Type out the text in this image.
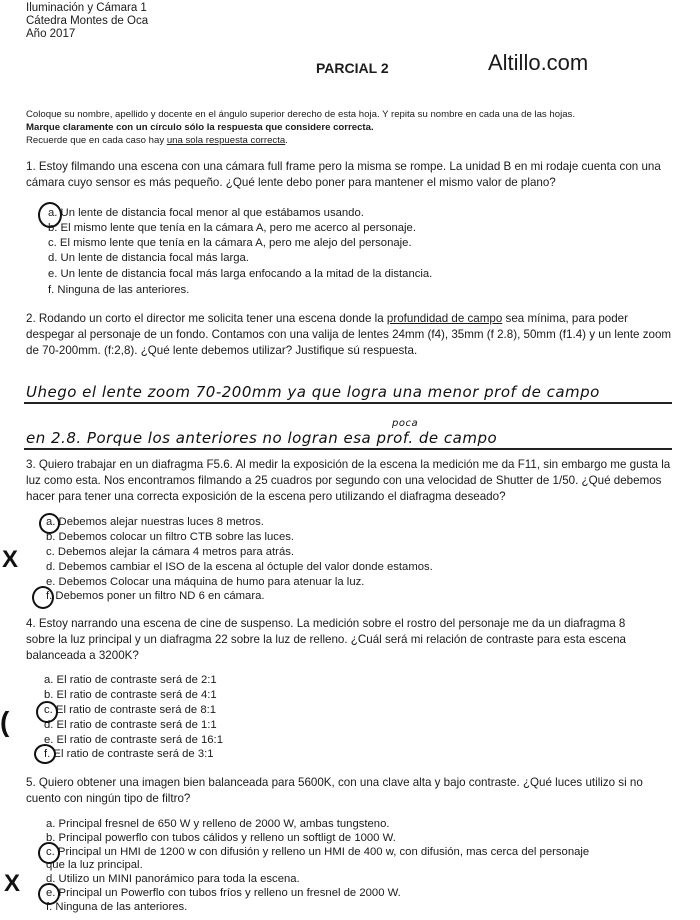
Iluminación y Cámara 1
Cátedra Montes de Oca
Año 2017
PARCIAL 2	Altillo.com
Coloque su nombre, apellido y docente en el ángulo superior derecho de esta hoja. Y repita su nombre en cada una de las hojas.
Marque claramente con un círculo sólo la respuesta que considere correcta.
Recuerde que en cada caso hay una sola respuesta correcta.
1. Estoy filmando una escena con una cámara full frame pero la misma se rompe. La unidad B en mi rodaje cuenta con una cámara cuyo sensor es más pequeño. ¿Qué lente debo poner para mantener el mismo valor de plano?
a. Un lente de distancia focal menor al que estábamos usando.
b. El mismo lente que tenía en la cámara A, pero me acerco al personaje.
c. El mismo lente que tenía en la cámara A, pero me alejo del personaje.
d. Un lente de distancia focal más larga.
e. Un lente de distancia focal más larga enfocando a la mitad de la distancia.
f. Ninguna de las anteriores.
2. Rodando un corto el director me solicita tener una escena donde la profundidad de campo sea mínima, para poder despegar al personaje de un fondo. Contamos con una valija de lentes 24mm (f4), 35mm (f 2.8), 50mm (f1.4) y un lente zoom de 70-200mm. (f:2,8). ¿Qué lente debemos utilizar? Justifique sú respuesta.
Uhego el lente zoom 70-200mm ya que logra una menor prof de campo
poca
en 2.8. Porque los anteriores no logran esa prof. de campo
3. Quiero trabajar en un diafragma F5.6. Al medir la exposición de la escena la medición me da F11, sin embargo me gusta la luz como esta. Nos encontramos filmando a 25 cuadros por segundo con una velocidad de Shutter de 1/50. ¿Qué debemos hacer para tener una correcta exposición de la escena pero utilizando el diafragma deseado?
a. Debemos alejar nuestras luces 8 metros.
b. Debemos colocar un filtro CTB sobre las luces.
c. Debemos alejar la cámara 4 metros para atrás.
d. Debemos cambiar el ISO de la escena al óctuple del valor donde estamos.
e. Debemos Colocar una máquina de humo para atenuar la luz.
f. Debemos poner un filtro ND 6 en cámara.
X
4. Estoy narrando una escena de cine de suspenso. La medición sobre el rostro del personaje me da un diafragma 8 sobre la luz principal y un diafragma 22 sobre la luz de relleno. ¿Cuál será mi relación de contraste para esta escena balanceada a 3200K?
a. El ratio de contraste será de 2:1
b. El ratio de contraste será de 4:1
c. El ratio de contraste será de 8:1
d. El ratio de contraste será de 1:1
e. El ratio de contraste será de 16:1
f. El ratio de contraste será de 3:1
(
5. Quiero obtener una imagen bien balanceada para 5600K, con una clave alta y bajo contraste. ¿Qué luces utilizo si no cuento con ningún tipo de filtro?
a. Principal fresnel de 650 W y relleno de 2000 W, ambas tungsteno.
b. Principal powerflo con tubos cálidos y relleno un softligt de 1000 W.
c. Principal un HMI de 1200 w con difusión y relleno un HMI de 400 w, con difusión, mas cerca del personaje
que la luz principal.
d. Utilizo un MINI panorámico para toda la escena.
e. Principal un Powerflo con tubos fríos y relleno un fresnel de 2000 W.
f. Ninguna de las anteriores.
X
